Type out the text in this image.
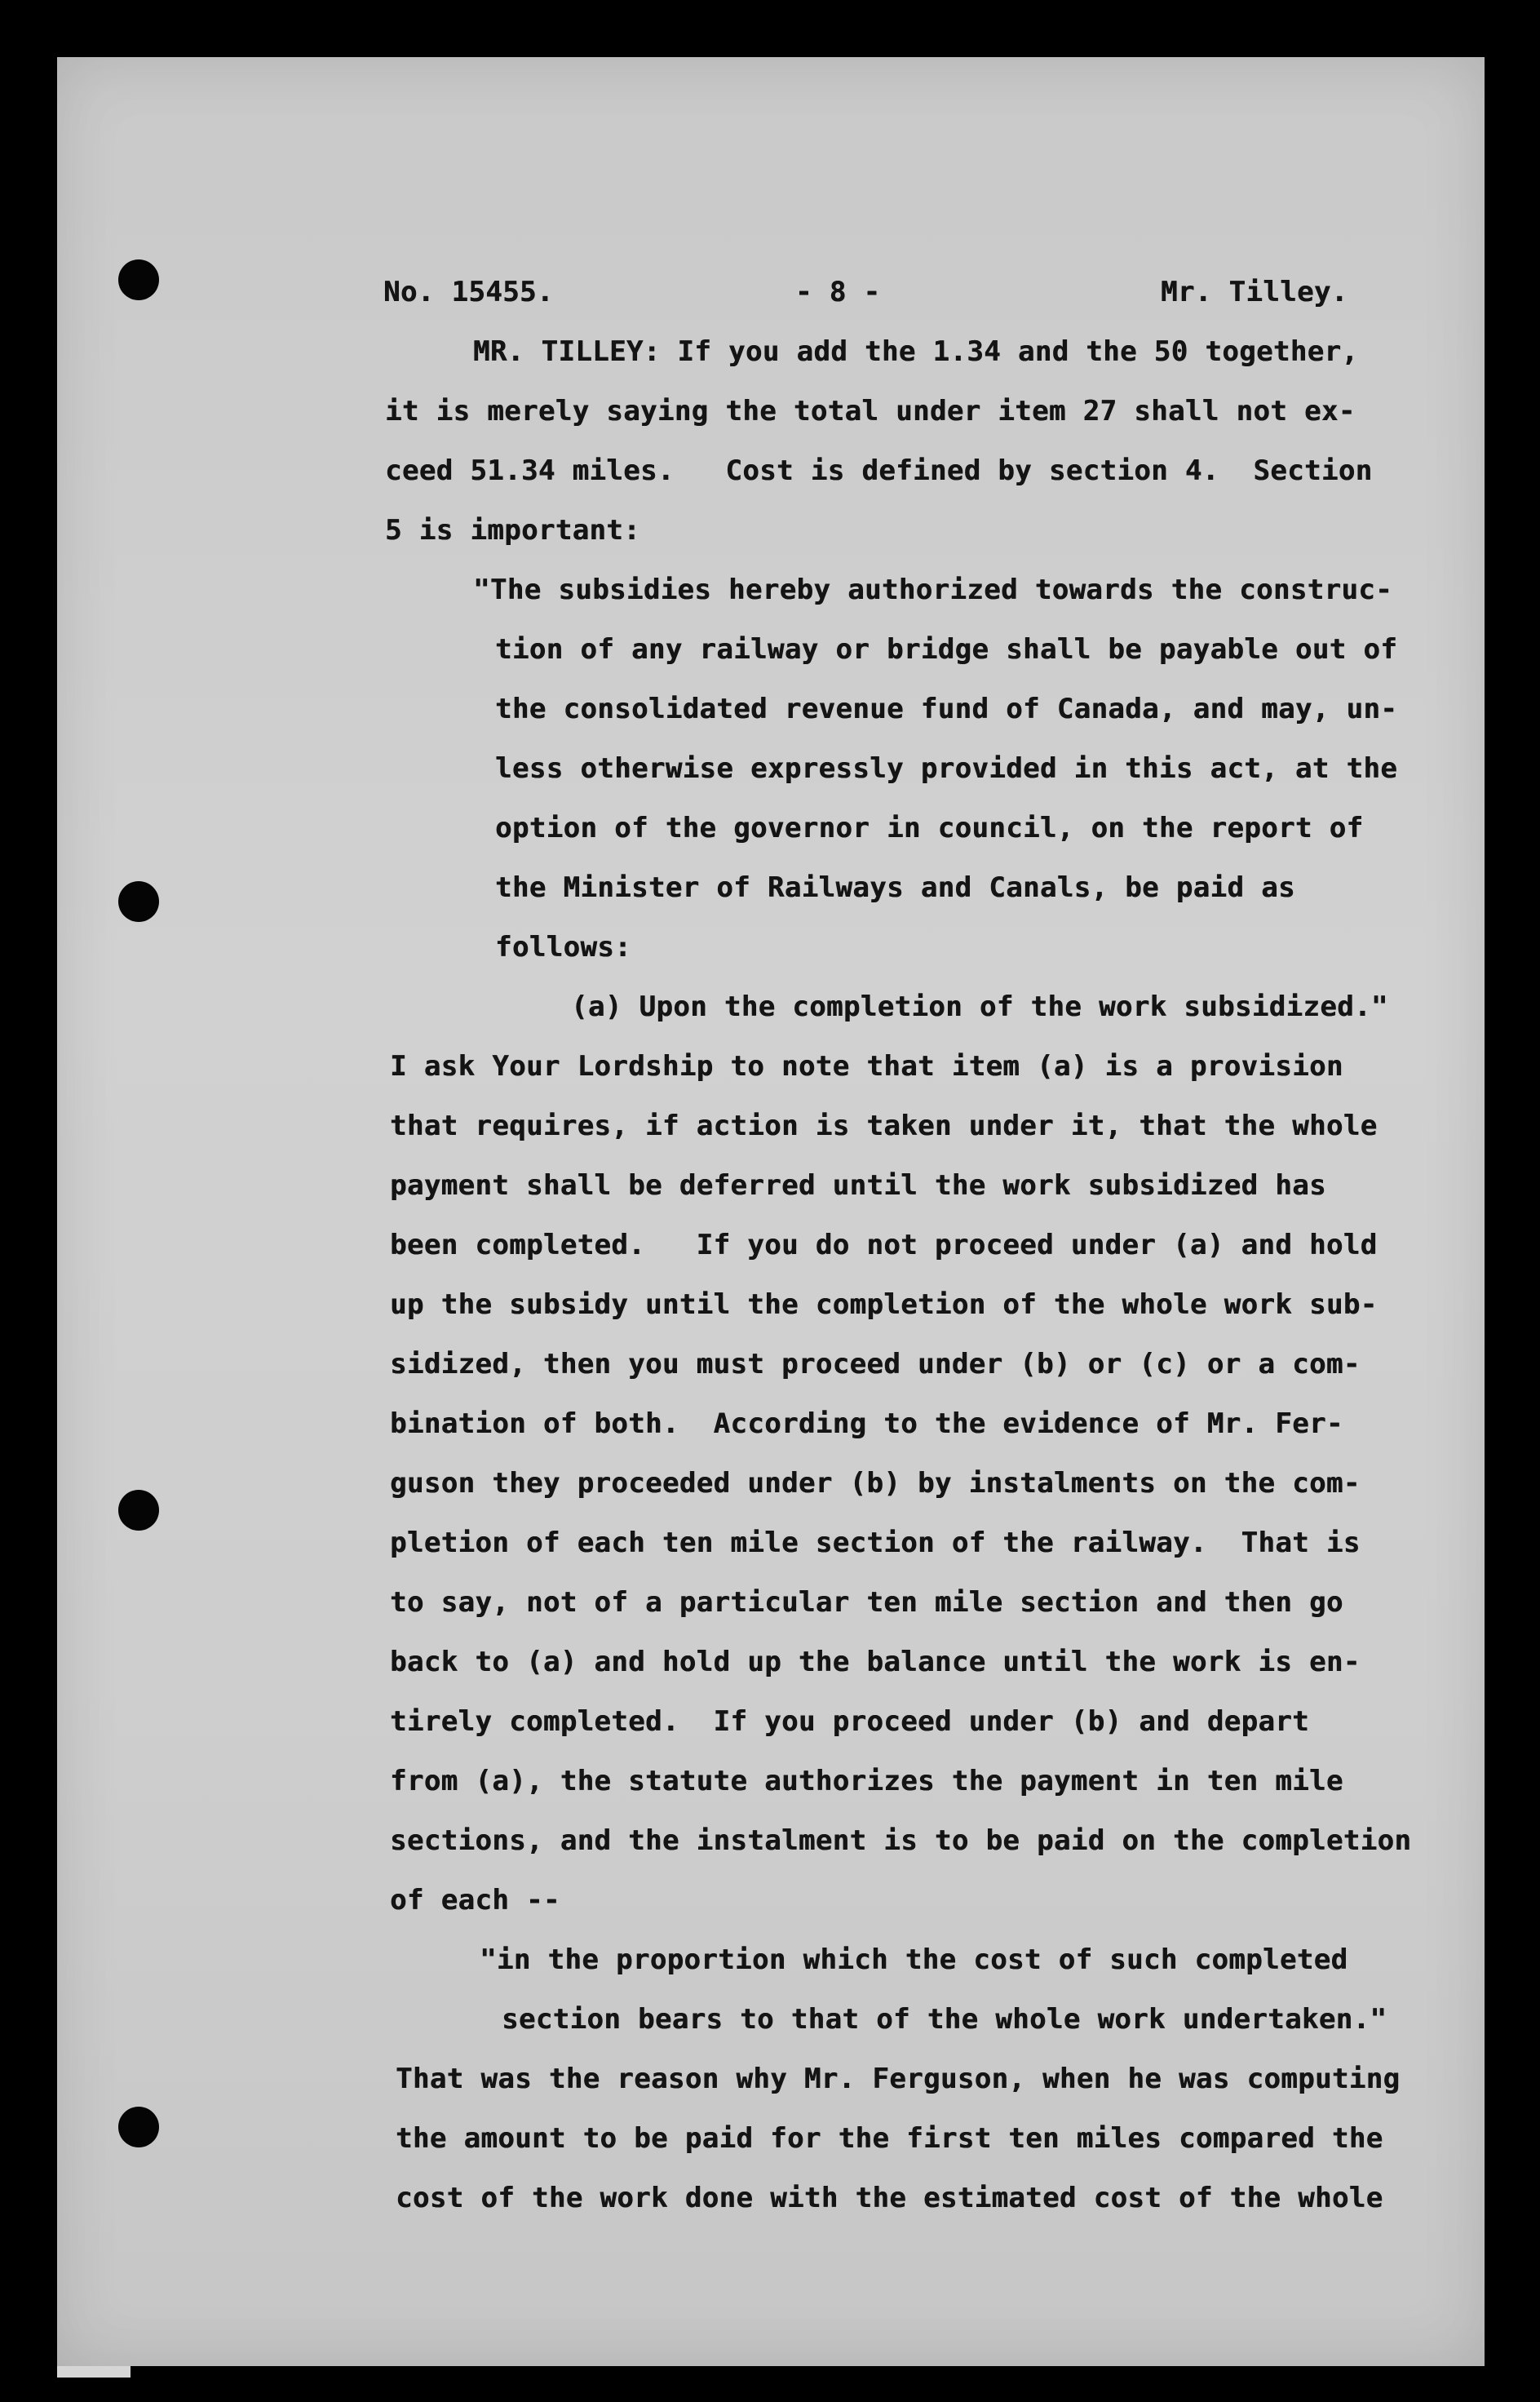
No. 15455.	- 8 -	Mr. Tilley.
MR. TILLEY: If you add the 1.34 and the 50 together,
it is merely saying the total under item 27 shall not ex-
ceed 51.34 miles.   Cost is defined by section 4.  Section
5 is important:
"The subsidies hereby authorized towards the construc-
tion of any railway or bridge shall be payable out of
the consolidated revenue fund of Canada, and may, un-
less otherwise expressly provided in this act, at the
option of the governor in council, on the report of
the Minister of Railways and Canals, be paid as
follows:
(a) Upon the completion of the work subsidized."
I ask Your Lordship to note that item (a) is a provision
that requires, if action is taken under it, that the whole
payment shall be deferred until the work subsidized has
been completed.   If you do not proceed under (a) and hold
up the subsidy until the completion of the whole work sub-
sidized, then you must proceed under (b) or (c) or a com-
bination of both.  According to the evidence of Mr. Fer-
guson they proceeded under (b) by instalments on the com-
pletion of each ten mile section of the railway.  That is
to say, not of a particular ten mile section and then go
back to (a) and hold up the balance until the work is en-
tirely completed.  If you proceed under (b) and depart
from (a), the statute authorizes the payment in ten mile
sections, and the instalment is to be paid on the completion
of each --
"in the proportion which the cost of such completed
section bears to that of the whole work undertaken."
That was the reason why Mr. Ferguson, when he was computing
the amount to be paid for the first ten miles compared the
cost of the work done with the estimated cost of the whole
